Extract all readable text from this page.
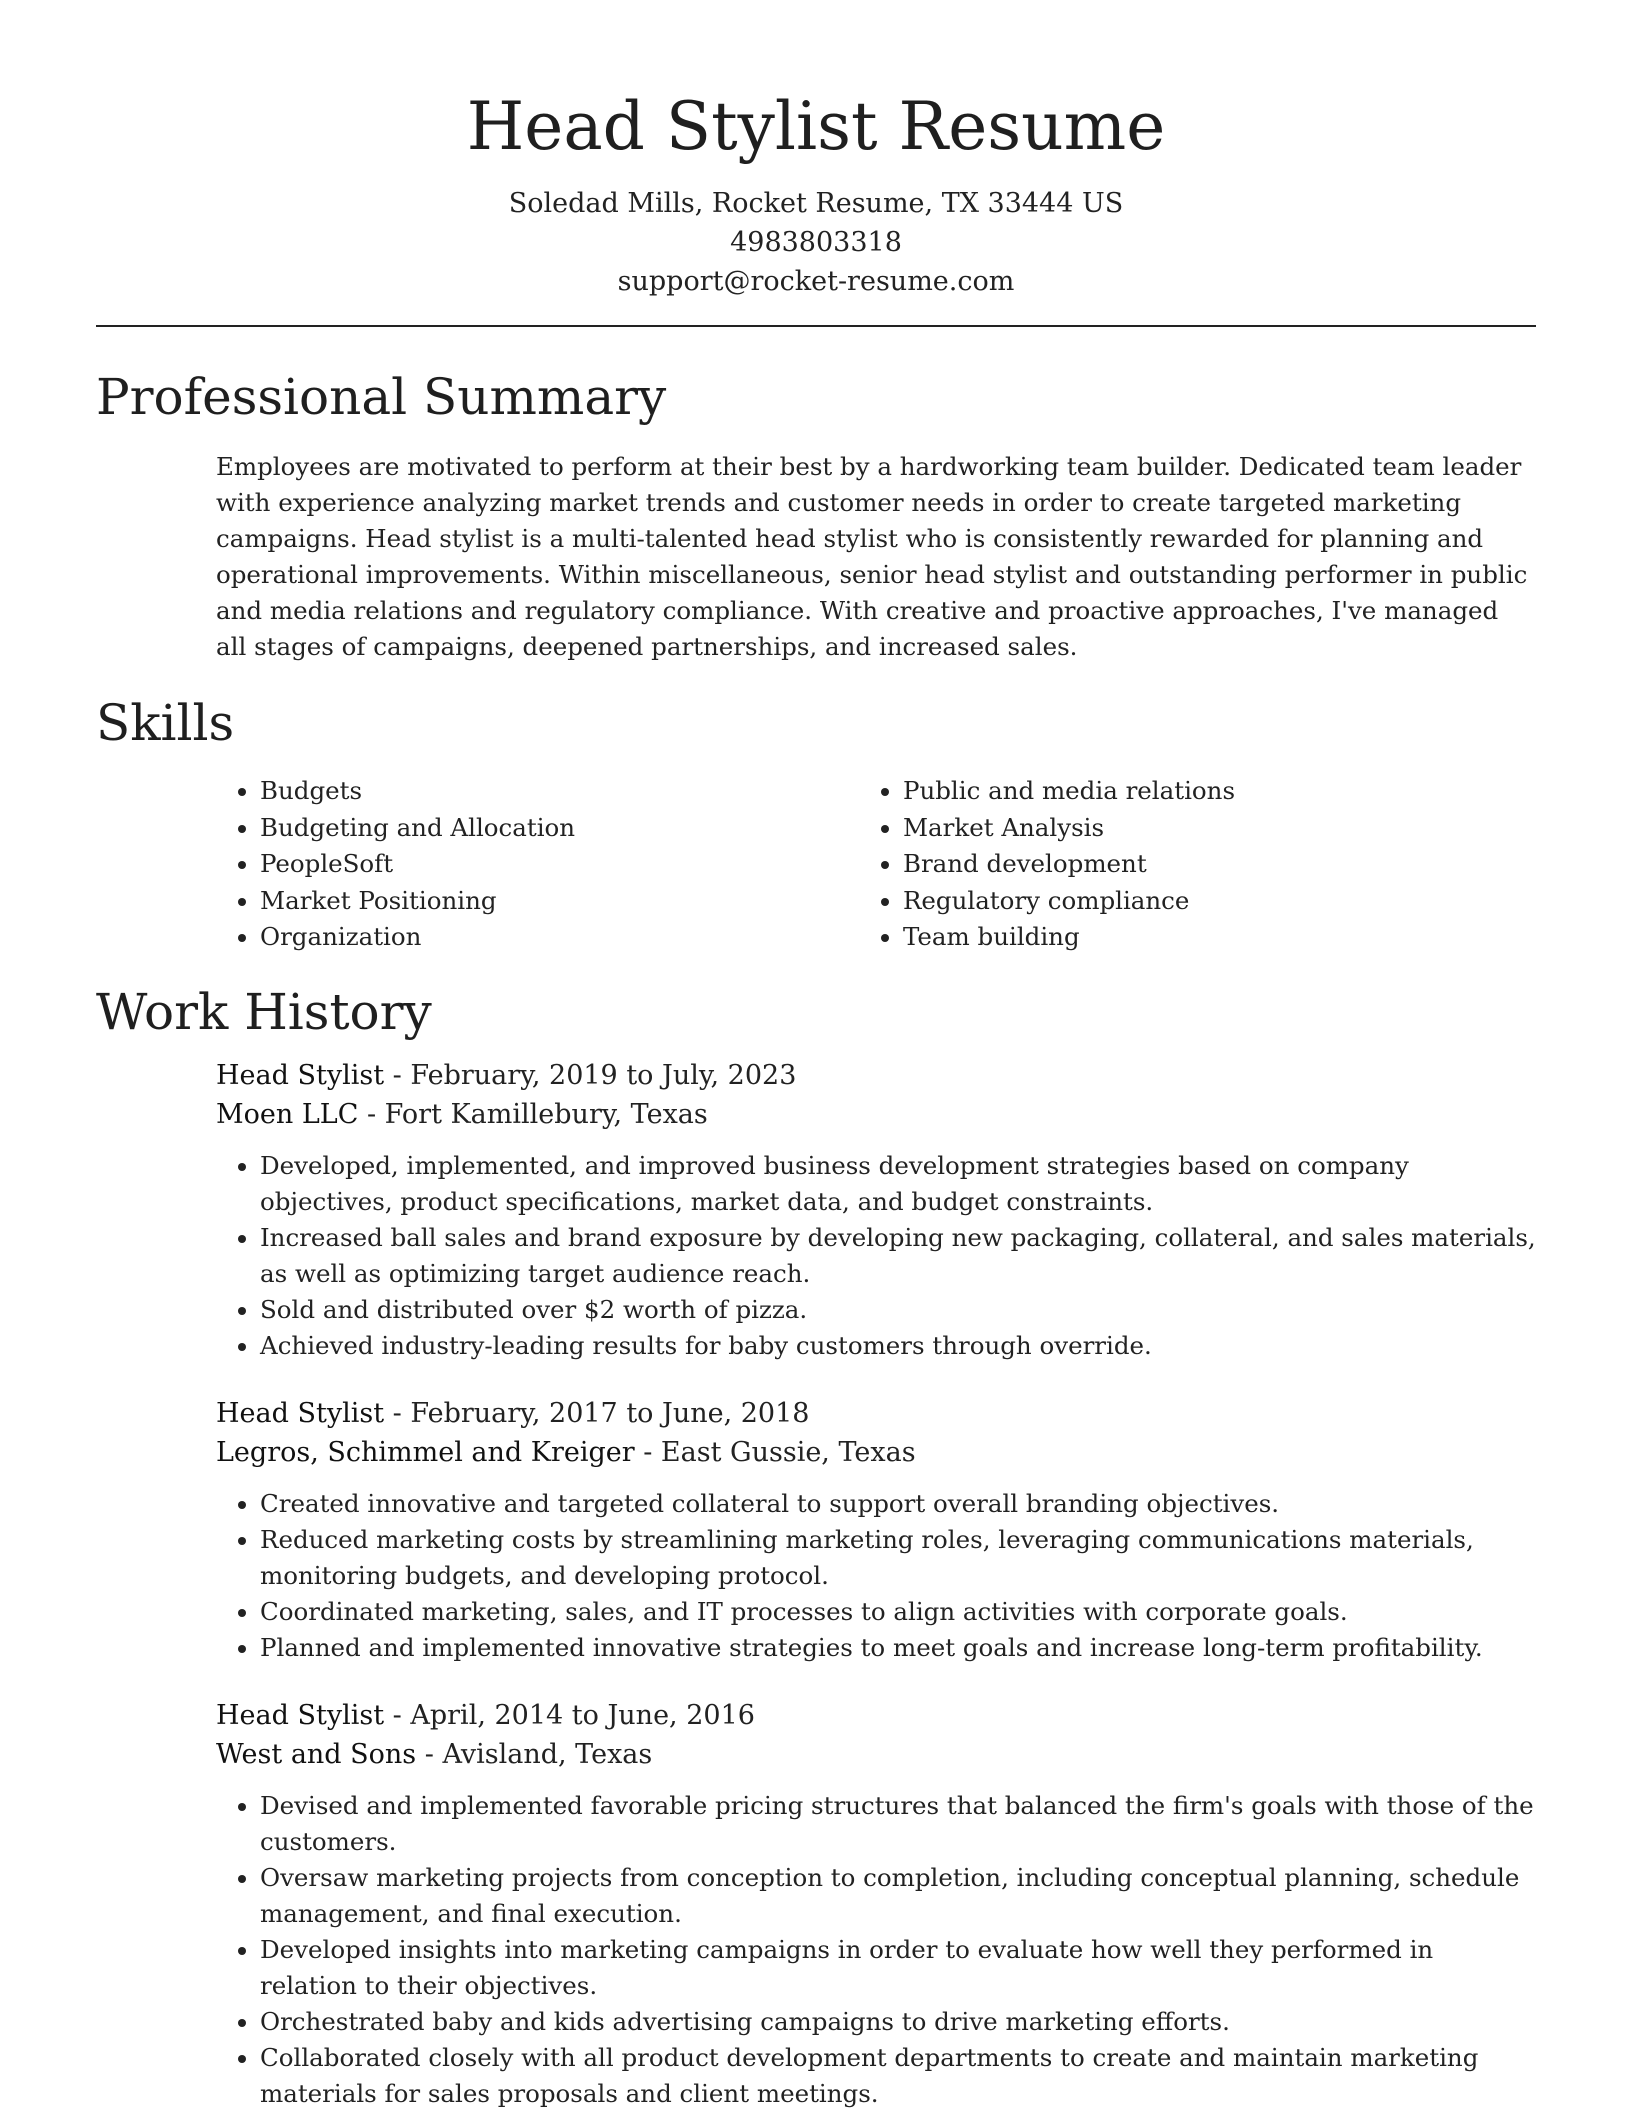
Head Stylist Resume
Soledad Mills, Rocket Resume, TX 33444 US
4983803318
support@rocket-resume.com
Professional Summary

Employees are motivated to perform at their best by a hardworking team builder. Dedicated team leader with experience analyzing market trends and customer needs in order to create targeted marketing campaigns. Head stylist is a multi-talented head stylist who is consistently rewarded for planning and operational improvements. Within miscellaneous, senior head stylist and outstanding performer in public and media relations and regulatory compliance. With creative and proactive approaches, I've managed all stages of campaigns, deepened partnerships, and increased sales.

Skills
• Budgets
• Budgeting and Allocation
• PeopleSoft
• Market Positioning
• Organization
• Public and media relations
• Market Analysis
• Brand development
• Regulatory compliance
• Team building
Work History
Head Stylist - February, 2019 to July, 2023
Moen LLC - Fort Kamillebury, Texas
• Developed, implemented, and improved business development strategies based on company objectives, product specifications, market data, and budget constraints.
• Increased ball sales and brand exposure by developing new packaging, collateral, and sales materials, as well as optimizing target audience reach.
• Sold and distributed over $2 worth of pizza.
• Achieved industry-leading results for baby customers through override.
Head Stylist - February, 2017 to June, 2018
Legros, Schimmel and Kreiger - East Gussie, Texas
• Created innovative and targeted collateral to support overall branding objectives.
• Reduced marketing costs by streamlining marketing roles, leveraging communications materials, monitoring budgets, and developing protocol.
• Coordinated marketing, sales, and IT processes to align activities with corporate goals.
• Planned and implemented innovative strategies to meet goals and increase long-term profitability.
Head Stylist - April, 2014 to June, 2016
West and Sons - Avisland, Texas
• Devised and implemented favorable pricing structures that balanced the firm's goals with those of the customers.
• Oversaw marketing projects from conception to completion, including conceptual planning, schedule management, and final execution.
• Developed insights into marketing campaigns in order to evaluate how well they performed in relation to their objectives.
• Orchestrated baby and kids advertising campaigns to drive marketing efforts.
• Collaborated closely with all product development departments to create and maintain marketing materials for sales proposals and client meetings.
